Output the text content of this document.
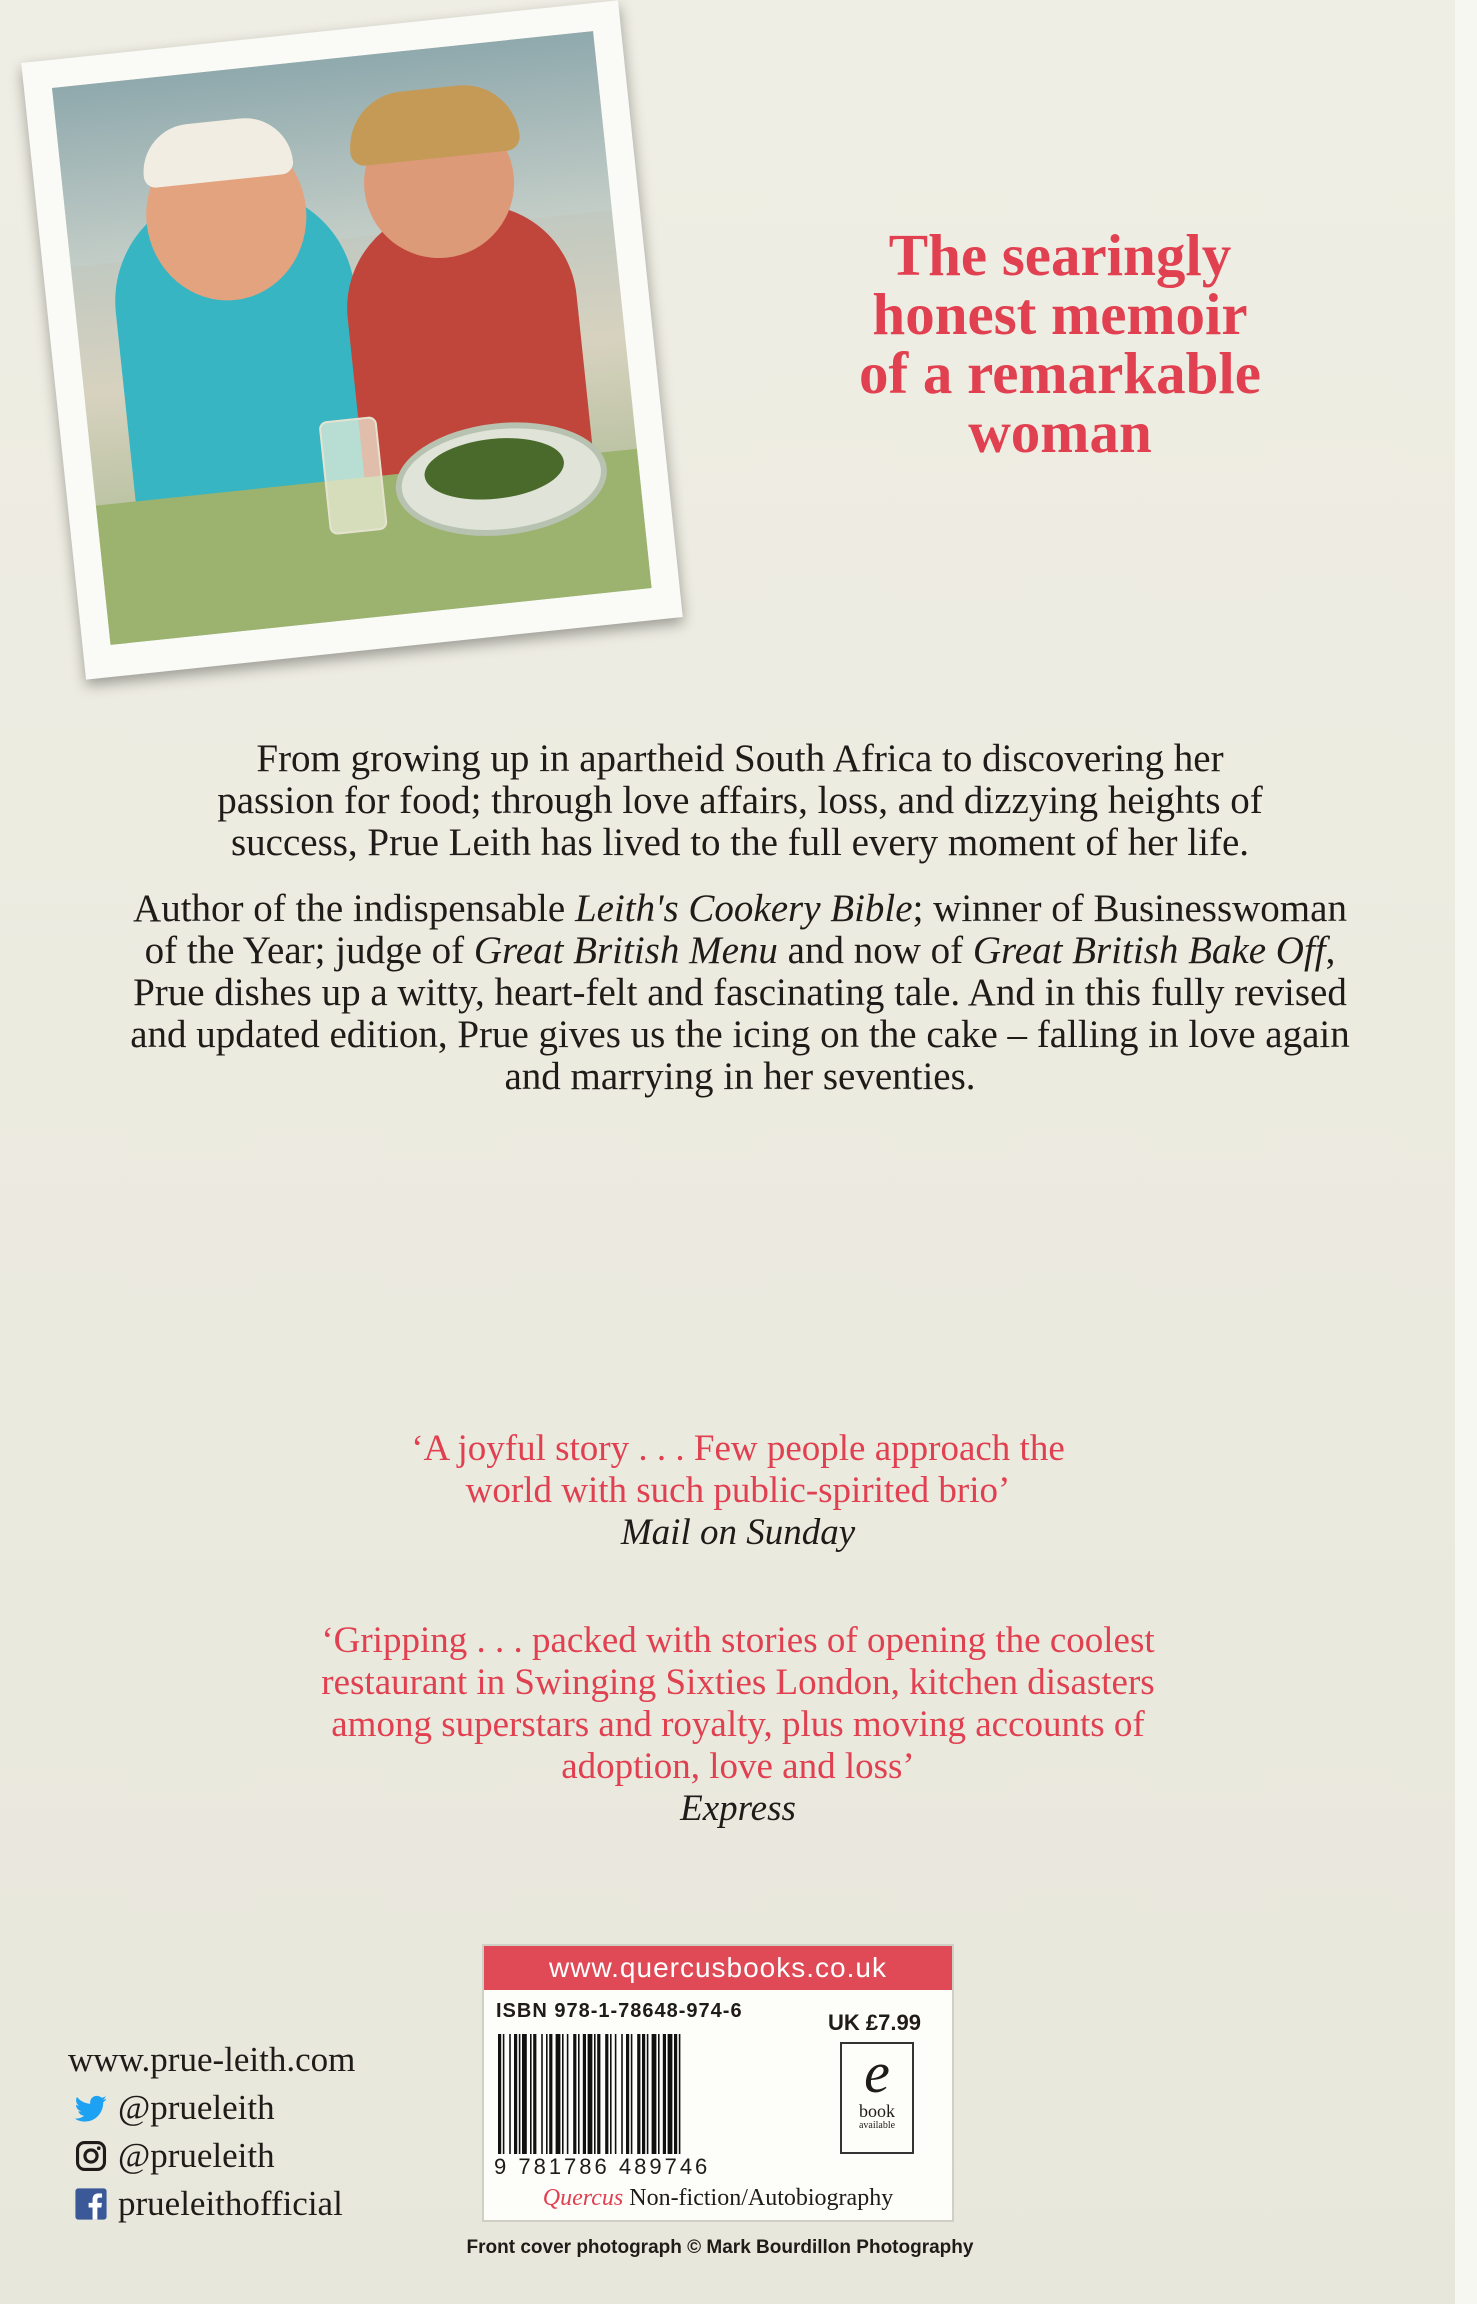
The searingly
honest memoir
of a remarkable
woman

From growing up in apartheid South Africa to discovering her passion for food; through love affairs, loss, and dizzying heights of success, Prue Leith has lived to the full every moment of her life.

Author of the indispensable Leith's Cookery Bible; winner of Businesswoman of the Year; judge of Great British Menu and now of Great British Bake Off, Prue dishes up a witty, heart-felt and fascinating tale. And in this fully revised and updated edition, Prue gives us the icing on the cake – falling in love again and marrying in her seventies.

‘A joyful story . . . Few people approach the world with such public-spirited brio’
Mail on Sunday
‘Gripping . . . packed with stories of opening the coolest restaurant in Swinging Sixties London, kitchen disasters among superstars and royalty, plus moving accounts of adoption, love and loss’
Express
www.prue-leith.com
@prueleith
@prueleith
prueleithofficial
www.quercusbooks.co.uk
ISBN 978-1-78648-974-6	UK £7.99
9 781786 489746
e
book
available
Quercus Non-fiction/Autobiography
Front cover photograph © Mark Bourdillon Photography
